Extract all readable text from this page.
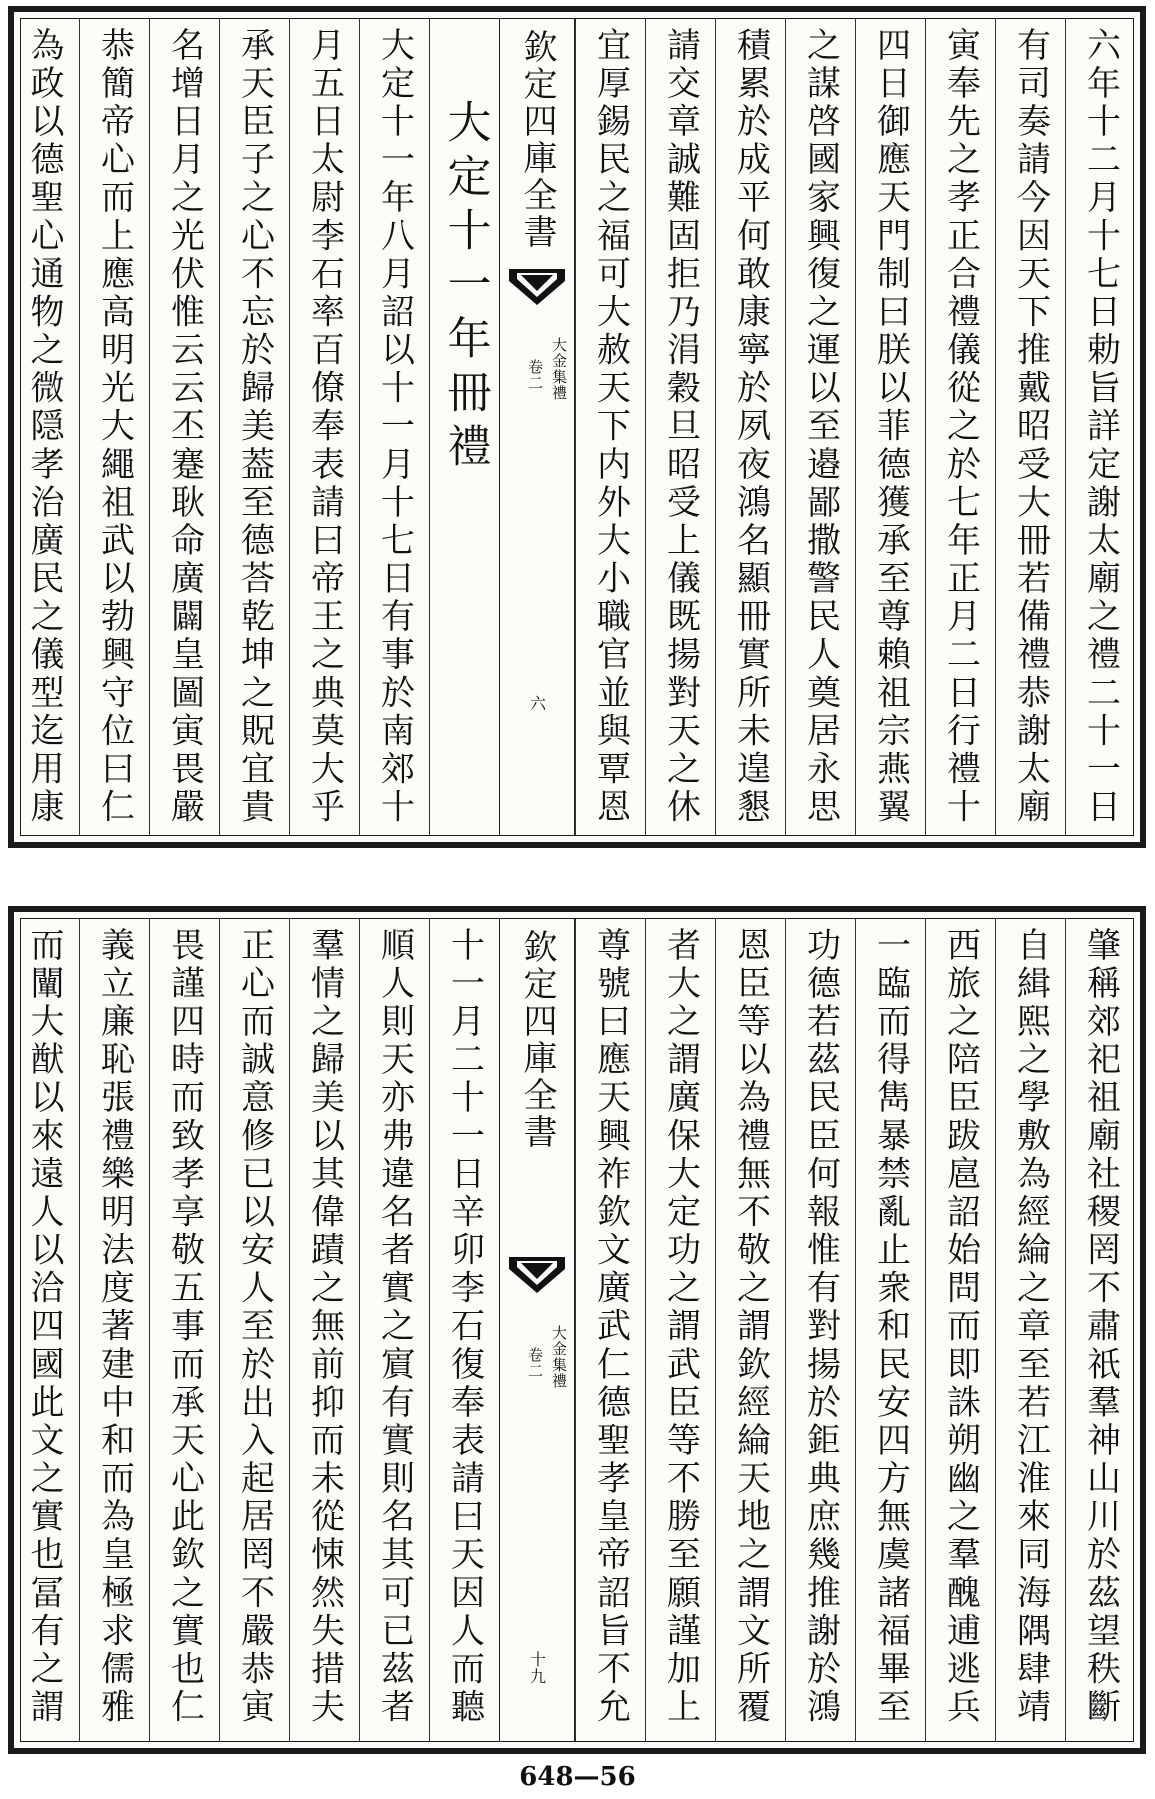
六年十二月十七日勅旨詳定謝太廟之禮二十一日
有司奏請今因天下推戴昭受大冊若備禮恭謝太廟
寅奉先之孝正合禮儀從之於七年正月二日行禮十
四日御應天門制曰朕以菲德獲承至尊賴祖宗燕翼
之謀啓國家興復之運以至邉鄙撒警民人奠居永思
積累於成平何敢康寧於夙夜鴻名顯冊實所未遑懇
請交章誠難固拒乃涓穀旦昭受上儀既揚對天之休
宜厚錫民之福可大赦天下内外大小職官並與覃恩
欽定四庫全書
大金集禮
卷二
六
大定十一年冊禮
大定十一年八月詔以十一月十七日有事於南郊十
月五日太尉李石率百僚奉表請曰帝王之典莫大乎
承天臣子之心不忘於歸美葢至德荅乾坤之貺宜貴
名增日月之光伏惟云云丕蹇耿命廣闢皇圖寅畏嚴
恭簡帝心而上應高明光大繩祖武以勃興守位曰仁
為政以德聖心通物之微隠孝治廣民之儀型迄用康
肇稱郊祀祖廟社稷罔不肅祇羣神山川於茲望秩斷
自緝熙之學敷為經綸之章至若江淮來同海隅肆靖
西旅之陪臣跋扈詔始問而即誅朔幽之羣醜逋逃兵
一臨而得雋暴禁亂止衆和民安四方無虞諸福畢至
功德若茲民臣何報惟有對揚於鉅典庶幾推謝於鴻
恩臣等以為禮無不敬之謂欽經綸天地之謂文所覆
者大之謂廣保大定功之謂武臣等不勝至願謹加上
尊號曰應天興祚欽文廣武仁德聖孝皇帝詔旨不允
欽定四庫全書
大金集禮
卷二
十九
十一月二十一日辛卯李石復奉表請曰天因人而聽
順人則天亦弗違名者實之賔有實則名其可已茲者
羣情之歸美以其偉蹟之無前抑而未從悚然失措夫
正心而誠意修已以安人至於出入起居罔不嚴恭寅
畏謹四時而致孝享敬五事而承天心此欽之實也仁
義立廉恥張禮樂明法度著建中和而為皇極求儒雅
而闡大猷以來遠人以洽四國此文之實也冨有之謂
648—56
